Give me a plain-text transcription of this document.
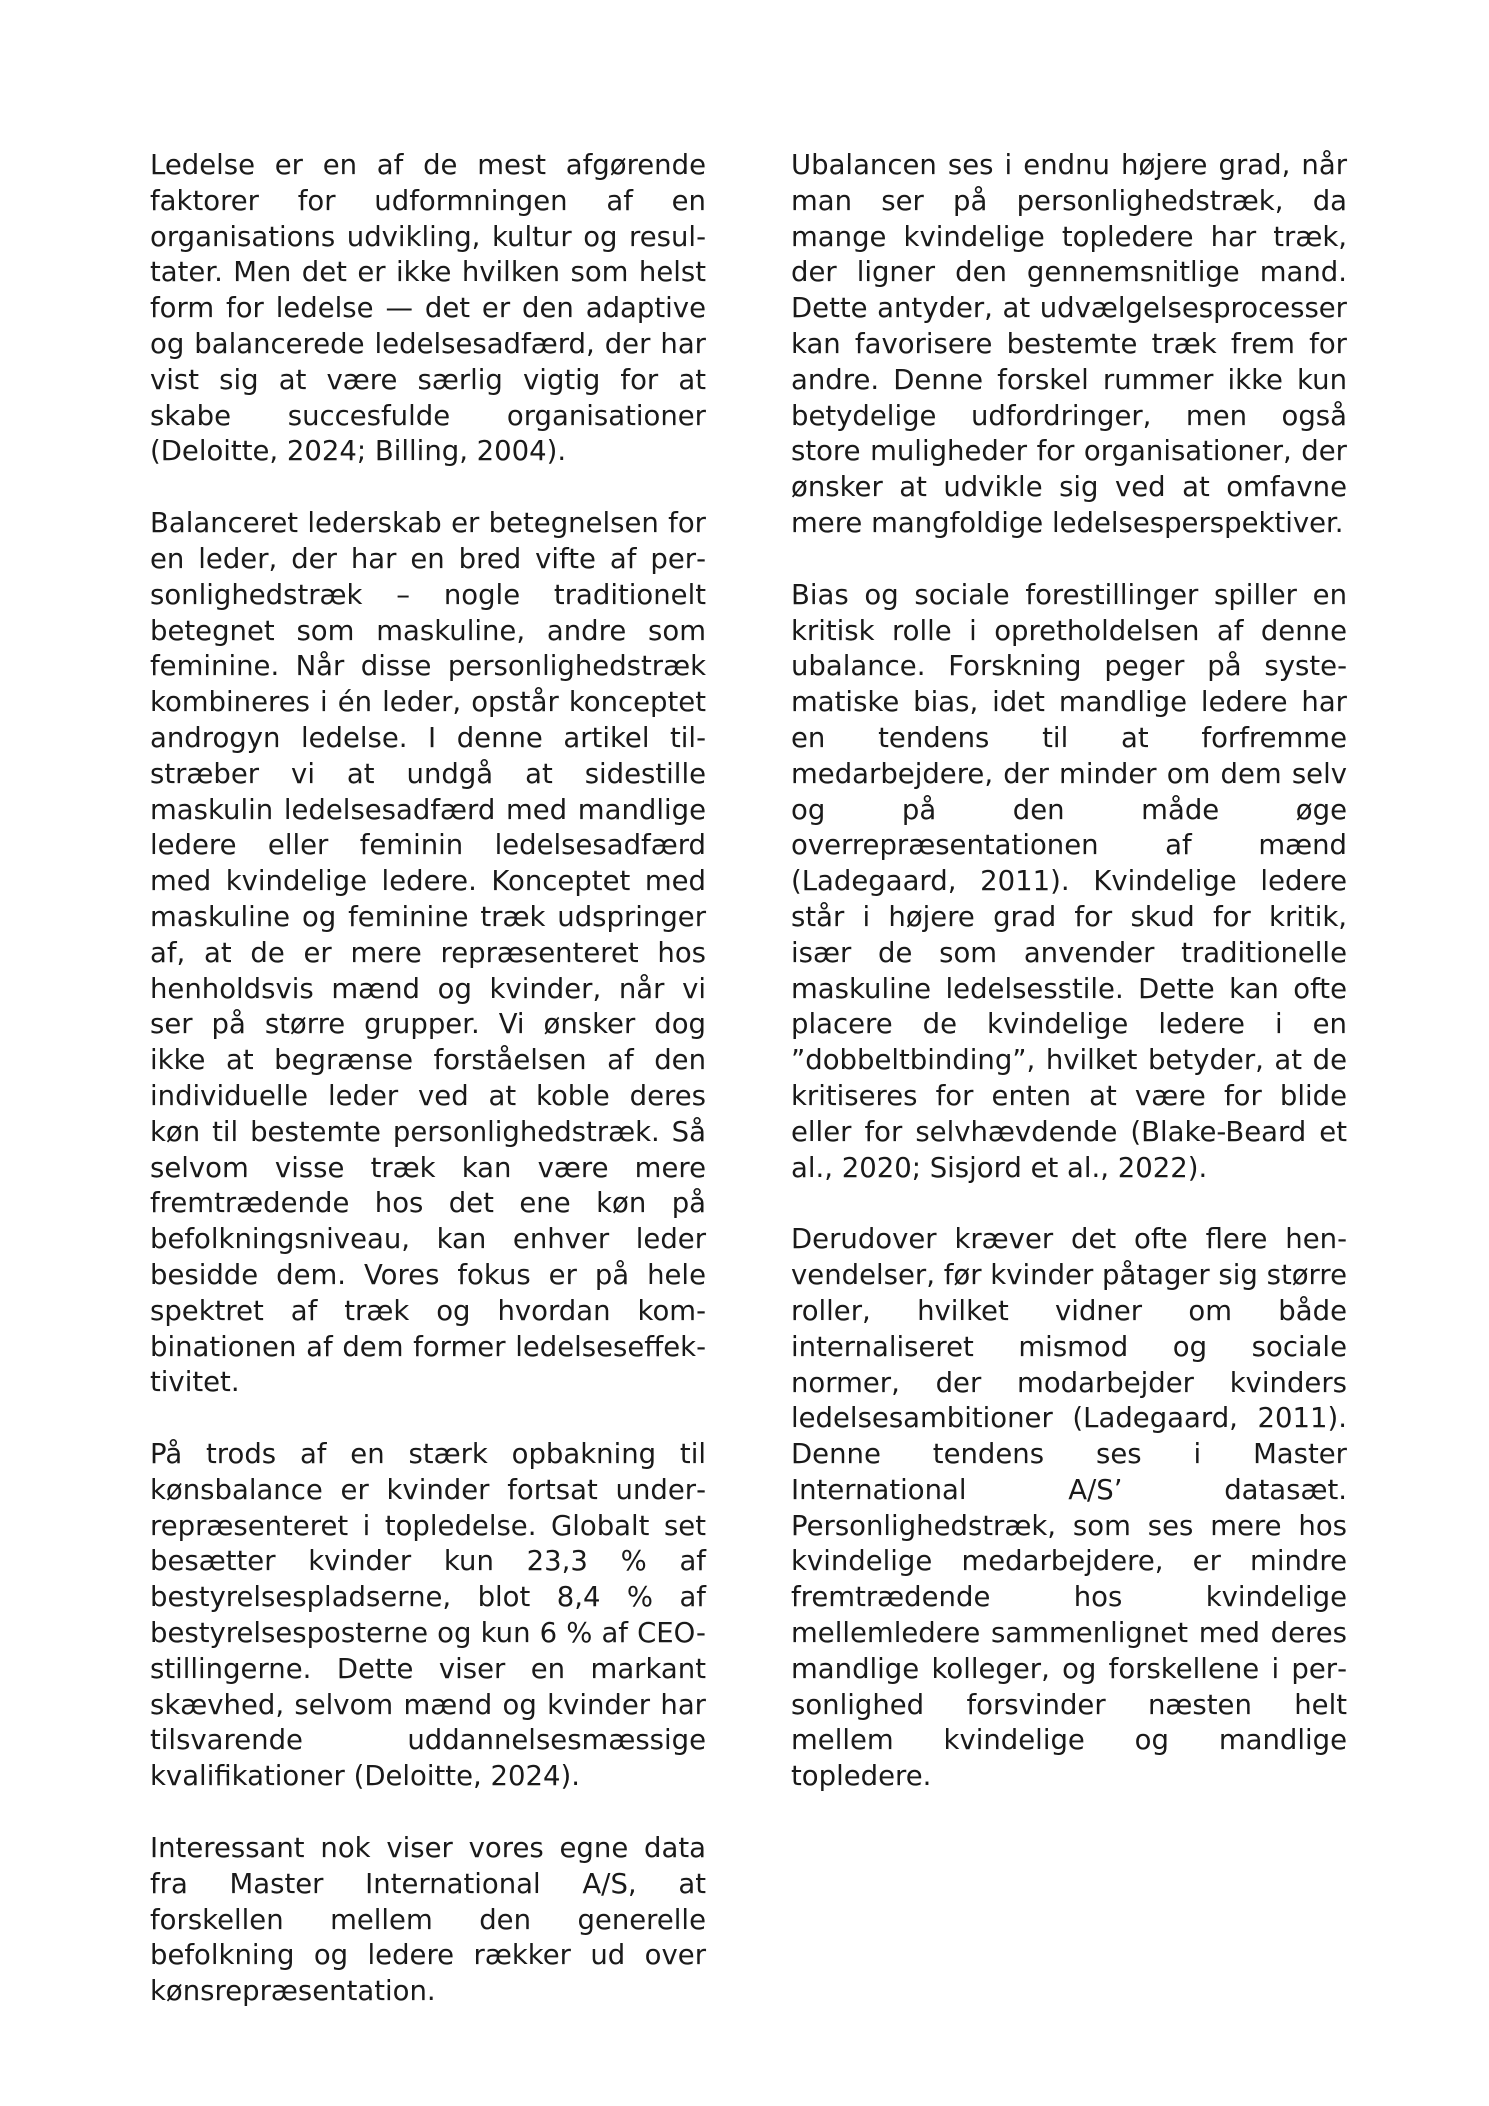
Ledelse er en af de mest afgørende faktorer for udformningen af en organisations udvikling, kultur og resultater. Men det er ikke hvilken som helst form for ledelse — det er den adaptive og balancerede ledelsesadfærd, der har vist sig at være særlig vigtig for at skabe succesfulde organisationer (Deloitte, 2024; Billing, 2004).

Balanceret lederskab er betegnelsen for en leder, der har en bred vifte af personlighedstræk – nogle traditionelt betegnet som maskuline, andre som feminine. Når disse personlighedstræk kombineres i én leder, opstår konceptet androgyn ledelse. I denne artikel tilstræber vi at undgå at sidestille maskulin ledelsesadfærd med mandlige ledere eller feminin ledelsesadfærd med kvindelige ledere. Konceptet med maskuline og feminine træk udspringer af, at de er mere repræsenteret hos henholdsvis mænd og kvinder, når vi ser på større grupper. Vi ønsker dog ikke at begrænse forståelsen af den individuelle leder ved at koble deres køn til bestemte personlighedstræk. Så selvom visse træk kan være mere fremtrædende hos det ene køn på befolkningsniveau, kan enhver leder besidde dem. Vores fokus er på hele spektret af træk og hvordan kombinationen af dem former ledelseseffektivitet.

På trods af en stærk opbakning til kønsbalance er kvinder fortsat underrepræsenteret i topledelse. Globalt set besætter kvinder kun 23,3 % af bestyrelsespladserne, blot 8,4 % af bestyrelsesposterne og kun 6 % af CEO-stillingerne. Dette viser en markant skævhed, selvom mænd og kvinder har tilsvarende uddannelsesmæssige kvalifikationer (Deloitte, 2024).

Interessant nok viser vores egne data fra Master International A/S, at forskellen mellem den generelle befolkning og ledere rækker ud over kønsrepræsentation.

Ubalancen ses i endnu højere grad, når man ser på personlighedstræk, da mange kvindelige topledere har træk, der ligner den gennemsnitlige mand. Dette antyder, at udvælgelsesprocesser kan favorisere bestemte træk frem for andre. Denne forskel rummer ikke kun betydelige udfordringer, men også store muligheder for organisationer, der ønsker at udvikle sig ved at omfavne mere mangfoldige ledelsesperspektiver.

Bias og sociale forestillinger spiller en kritisk rolle i opretholdelsen af denne ubalance. Forskning peger på systematiske bias, idet mandlige ledere har en tendens til at forfremme medarbejdere, der minder om dem selv og på den måde øge overrepræsentationen af mænd (Ladegaard, 2011). Kvindelige ledere står i højere grad for skud for kritik, især de som anvender traditionelle maskuline ledelsesstile. Dette kan ofte placere de kvindelige ledere i en ”dobbeltbinding”, hvilket betyder, at de kritiseres for enten at være for blide eller for selvhævdende (Blake-Beard et al., 2020; Sisjord et al., 2022).

Derudover kræver det ofte flere henvendelser, før kvinder påtager sig større roller, hvilket vidner om både internaliseret mismod og sociale normer, der modarbejder kvinders ledelsesambitioner (Ladegaard, 2011). Denne tendens ses i Master International A/S’ datasæt. Personlighedstræk, som ses mere hos kvindelige medarbejdere, er mindre fremtrædende hos kvindelige mellemledere sammenlignet med deres mandlige kolleger, og forskellene i personlighed forsvinder næsten helt mellem kvindelige og mandlige topledere.
